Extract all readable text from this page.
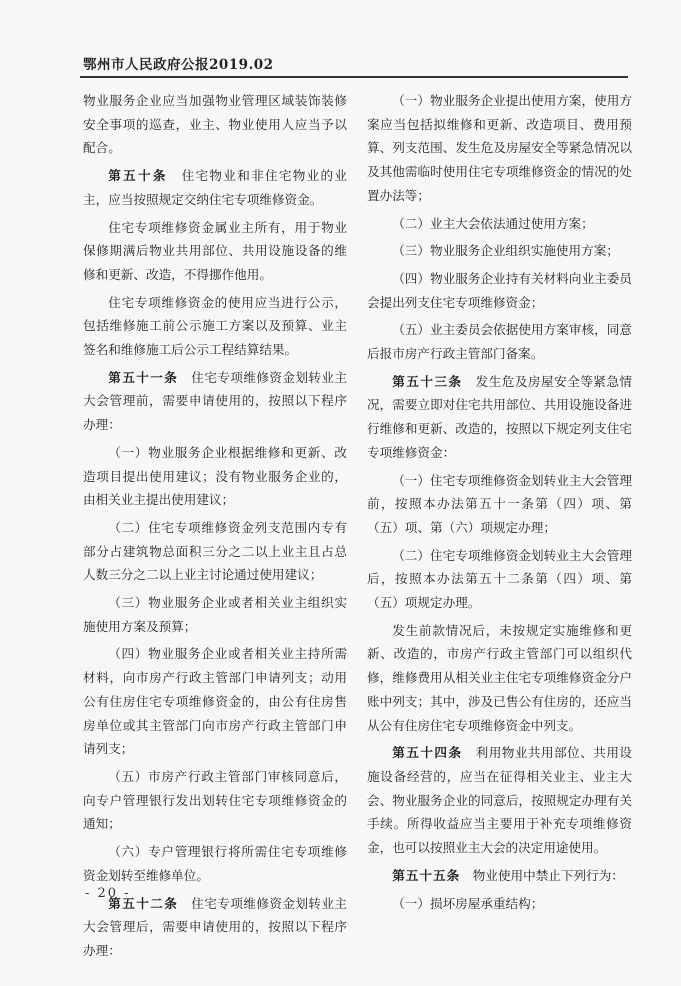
鄂州市人民政府公报2019.02

物业服务企业应当加强物业管理区域装饰装修安全事项的巡查，业主、物业使用人应当予以配合。

第五十条　 住宅物业和非住宅物业的业主，应当按照规定交纳住宅专项维修资金。

住宅专项维修资金属业主所有，用于物业保修期满后物业共用部位、共用设施设备的维修和更新、改造，不得挪作他用。

住宅专项维修资金的使用应当进行公示，包括维修施工前公示施工方案以及预算、业主签名和维修施工后公示工程结算结果。

第五十一条　 住宅专项维修资金划转业主大会管理前，需要申请使用的，按照以下程序办理：

（一）物业服务企业根据维修和更新、改造项目提出使用建议；没有物业服务企业的，由相关业主提出使用建议；

（二）住宅专项维修资金列支范围内专有部分占建筑物总面积三分之二以上业主且占总人数三分之二以上业主讨论通过使用建议；

（三）物业服务企业或者相关业主组织实施使用方案及预算；

（四）物业服务企业或者相关业主持所需材料，向市房产行政主管部门申请列支；动用公有住房住宅专项维修资金的，由公有住房售房单位或其主管部门向市房产行政主管部门申请列支；

（五）市房产行政主管部门审核同意后，向专户管理银行发出划转住宅专项维修资金的通知；

（六）专户管理银行将所需住宅专项维修资金划转至维修单位。

第五十二条　 住宅专项维修资金划转业主大会管理后，需要申请使用的，按照以下程序办理：

（一）物业服务企业提出使用方案，使用方案应当包括拟维修和更新、改造项目、费用预算、列支范围、发生危及房屋安全等紧急情况以及其他需临时使用住宅专项维修资金的情况的处置办法等；

（二）业主大会依法通过使用方案；

（三）物业服务企业组织实施使用方案；

（四）物业服务企业持有关材料向业主委员会提出列支住宅专项维修资金；

（五）业主委员会依据使用方案审核，同意后报市房产行政主管部门备案。

第五十三条　 发生危及房屋安全等紧急情况，需要立即对住宅共用部位、共用设施设备进行维修和更新、改造的，按照以下规定列支住宅专项维修资金：

（一）住宅专项维修资金划转业主大会管理前，按照本办法第五十一条第（四）项、第（五）项、第（六）项规定办理；

（二）住宅专项维修资金划转业主大会管理后，按照本办法第五十二条第（四）项、第（五）项规定办理。

发生前款情况后，未按规定实施维修和更新、改造的，市房产行政主管部门可以组织代修，维修费用从相关业主住宅专项维修资金分户账中列支；其中，涉及已售公有住房的，还应当从公有住房住宅专项维修资金中列支。

第五十四条　 利用物业共用部位、共用设施设备经营的，应当在征得相关业主、业主大会、物业服务企业的同意后，按照规定办理有关手续。所得收益应当主要用于补充专项维修资金，也可以按照业主大会的决定用途使用。

第五十五条　 物业使用中禁止下列行为：

（一）损坏房屋承重结构；

- 20 -
